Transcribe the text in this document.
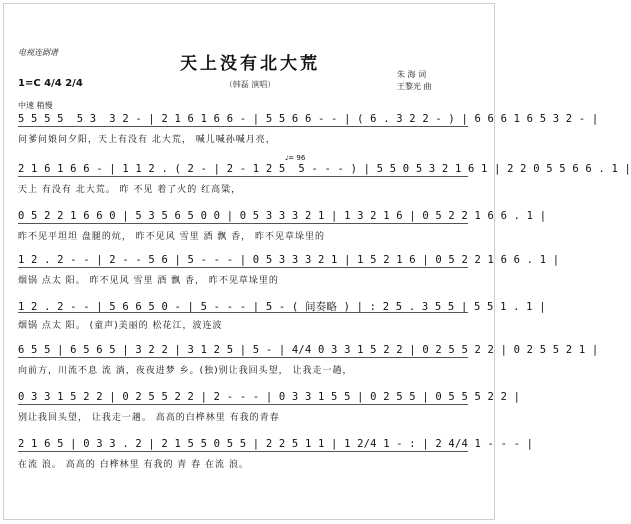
电视连剧谱
天上没有北大荒
（韩磊 演唱）
朱 海 词
王黎光 曲
1=C 4/4 2/4
中速 稍慢
♩= 96
5 5 5 5  5 3  3 2 - | 2 1 6 1 6 6 - | 5 5 6 6 - - | ( 6 . 3 2 2 - ) | 6 6 6 1 6 5 3 2 - |
问爹问娘问夕阳，天上有没有 北大荒， 喊儿喊孙喊月亮，
2 1 6 1 6 6 - | 1 1 2 . ( 2 - | 2 - 1 2 5  5 - - - ) | 5 5 0 5 3 2 1 6 1 | 2 2 0 5 5 6 6 . 1 |
天上 有没有 北大荒。 昨 不见 着了火的 红高粱，
0 5 2 2 1 6 6 0 | 5 3 5 6 5 0 0 | 0 5 3 3 3 2 1 | 1 3 2 1 6 | 0 5 2 2 1 6 6 . 1 |
昨不见平坦坦 盘腿的炕， 昨不见风 雪里 酒 飘 香， 昨不见草垛里的
1 2 . 2 - - | 2 - - 5 6 | 5 - - - | 0 5 3 3 3 2 1 | 1 5 2 1 6 | 0 5 2 2 1 6 6 . 1 |
烟锅 点太 阳。 昨不见风 雪里 酒 飘 香， 昨不见草垛里的
1 2 . 2 - - | 5 6 6 5 0 - | 5 - - - | 5 - ( 间奏略 ) | : 2 5 . 3 5 5 | 5 5 1 . 1 |
烟锅 点太 阳。 (童声)美丽的 松花江，波连波
6 5 5 | 6 5 6 5 | 3 2 2 | 3 1 2 5 | 5 - | 4/4 0 3 3 1 5 2 2 | 0 2 5 5 2 2 | 0 2 5 5 2 1 |
向前方，川流不息 流 淌，夜夜进梦 乡。(独)别让我回头望， 让我走一趟，
0 3 3 1 5 2 2 | 0 2 5 5 2 2 | 2 - - - | 0 3 3 1 5 5 | 0 2 5 5 | 0 5 5 5 2 2 |
别让我回头望， 让我走一趟。 高高的白桦林里 有我的青春
2 1 6 5 | 0 3 3 . 2 | 2 1 5 5 0 5 5 | 2 2 5 1 1 | 1 2/4 1 - : | 2 4/4 1 - - - |
在流 浪。 高高的 白桦林里 有我的 青 春 在流 浪。
